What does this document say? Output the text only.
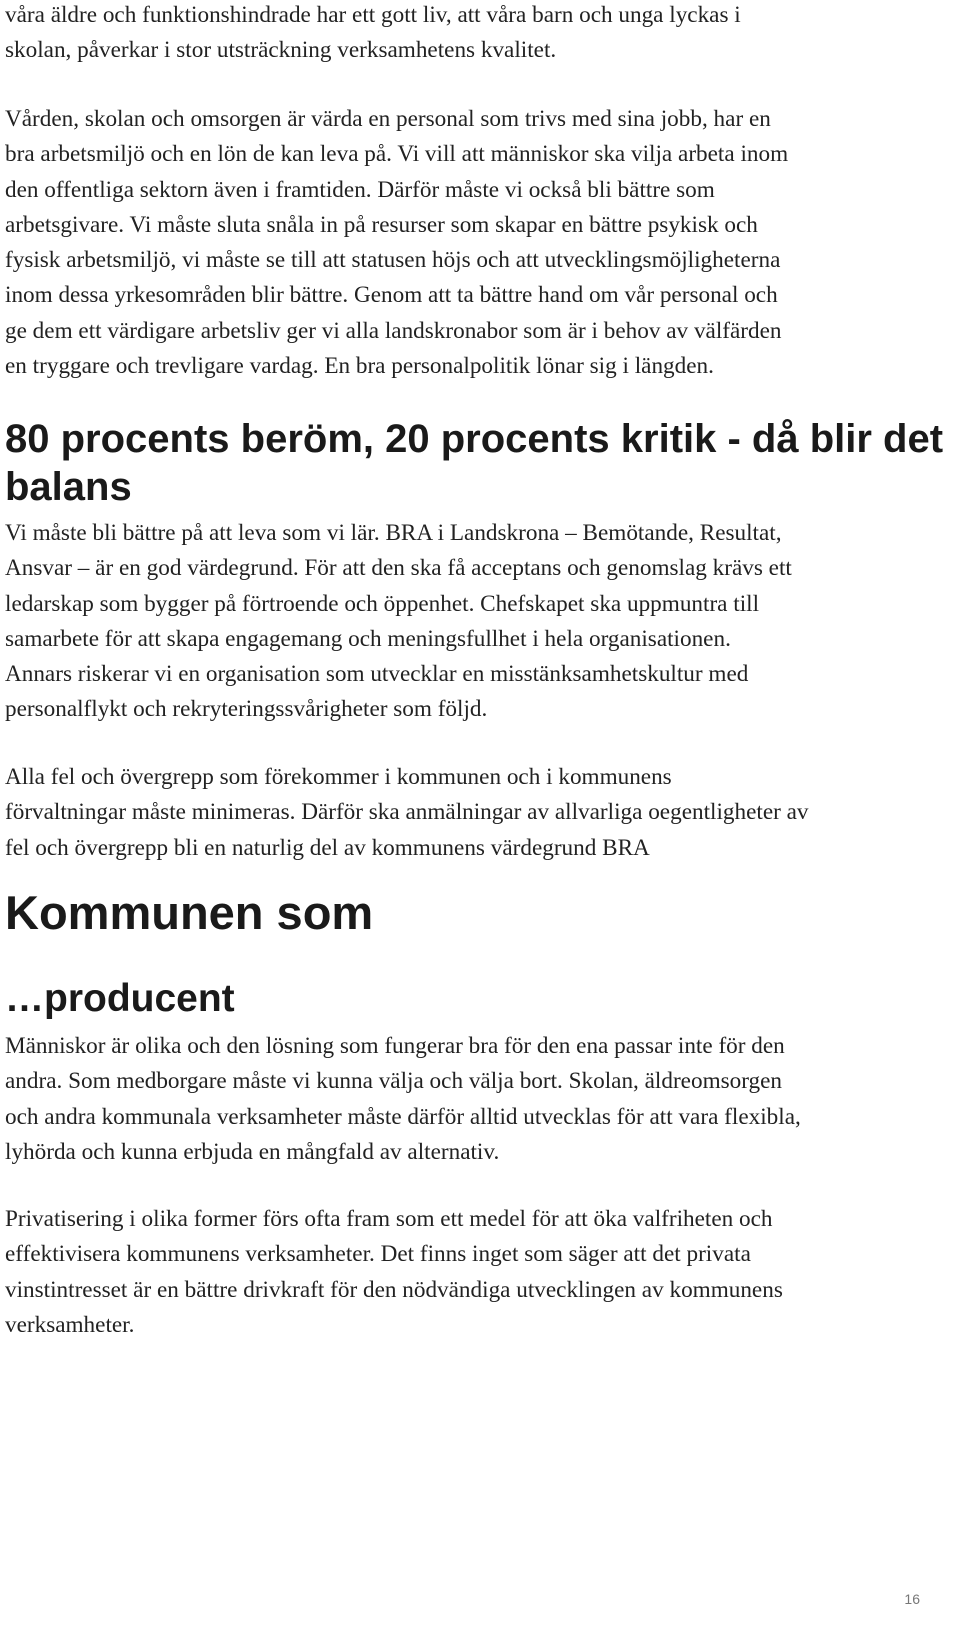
våra äldre och funktionshindrade har ett gott liv, att våra barn och unga lyckas i
skolan, påverkar i stor utsträckning verksamhetens kvalitet.

Vården, skolan och omsorgen är värda en personal som trivs med sina jobb, har en
bra arbetsmiljö och en lön de kan leva på. Vi vill att människor ska vilja arbeta inom
den offentliga sektorn även i framtiden. Därför måste vi också bli bättre som
arbetsgivare. Vi måste sluta snåla in på resurser som skapar en bättre psykisk och
fysisk arbetsmiljö, vi måste se till att statusen höjs och att utvecklingsmöjligheterna
inom dessa yrkesområden blir bättre. Genom att ta bättre hand om vår personal och
ge dem ett värdigare arbetsliv ger vi alla landskronabor som är i behov av välfärden
en tryggare och trevligare vardag. En bra personalpolitik lönar sig i längden.

80 procents beröm, 20 procents kritik - då blir det
balans

Vi måste bli bättre på att leva som vi lär. BRA i Landskrona – Bemötande, Resultat,
Ansvar – är en god värdegrund. För att den ska få acceptans och genomslag krävs ett
ledarskap som bygger på förtroende och öppenhet. Chefskapet ska uppmuntra till
samarbete för att skapa engagemang och meningsfullhet i hela organisationen.
Annars riskerar vi en organisation som utvecklar en misstänksamhetskultur med
personalflykt och rekryteringssvårigheter som följd.

Alla fel och övergrepp som förekommer i kommunen och i kommunens
förvaltningar måste minimeras. Därför ska anmälningar av allvarliga oegentligheter av
fel och övergrepp bli en naturlig del av kommunens värdegrund BRA

Kommunen som
…producent

Människor är olika och den lösning som fungerar bra för den ena passar inte för den
andra. Som medborgare måste vi kunna välja och välja bort. Skolan, äldreomsorgen
och andra kommunala verksamheter måste därför alltid utvecklas för att vara flexibla,
lyhörda och kunna erbjuda en mångfald av alternativ.

Privatisering i olika former förs ofta fram som ett medel för att öka valfriheten och
effektivisera kommunens verksamheter. Det finns inget som säger att det privata
vinstintresset är en bättre drivkraft för den nödvändiga utvecklingen av kommunens
verksamheter.

16
